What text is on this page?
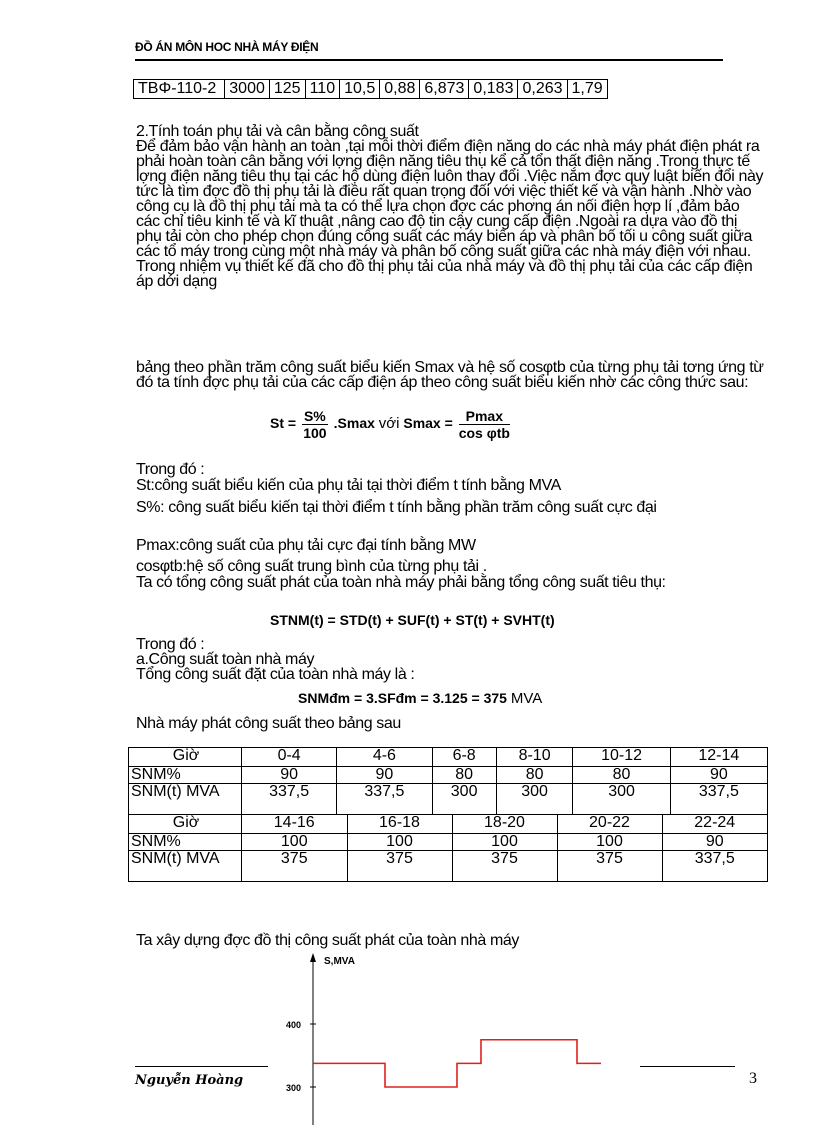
ĐỒ ÁN MÔN HOC NHÀ MÁY ĐIỆN
TBΦ-110-2	3000	125	110	10,5	0,88	6,873	0,183	0,263	1,79
2.Tính toán phụ tải và cân bằng công suất
Để đảm bảo vận hành an toàn ,tại mỗi thời điểm điện năng do các nhà máy phát điện phát ra phải hoàn toàn cân bằng với lợng điện năng tiêu thụ kể cả tổn thất điện năng .Trong thực tế lợng điện năng tiêu thụ tại các hộ dùng điện luôn thay đổi .Việc nắm đợc quy luật biến đổi này tức là tìm đợc đồ thị phụ tải là điều rất quan trọng đối với việc thiết kế và vận hành .Nhờ vào công cụ là đồ thị phụ tải mà ta có thể lựa chọn đợc các phơng án nối điện hợp lí ,đảm bảo các chỉ tiêu kinh tế và kĩ thuật ,nâng cao độ tin cậy cung cấp điện .Ngoài ra dựa vào đồ thị phụ tải còn cho phép chọn đúng công suất các máy biến áp và phân bố tối u công suất giữa các tổ máy trong cùng một nhà máy và phân bố công suất giữa các nhà máy điện với nhau. Trong nhiệm vụ thiết kế đã cho đồ thị phụ tải của nhà máy và đồ thị phụ tải của các cấp điện áp dới dạng
bảng theo phần trăm công suất biểu kiến Smax và hệ số cosφtb của từng phụ tải tơng ứng từ đó ta tính đợc phụ tải của các cấp điện áp theo công suất biểu kiến nhờ các công thức sau:
$St = \frac{S\%}{100} .Smax$ với $Smax = \frac{Pmax}{\text{cos φtb}}$
Trong đó :
St:công suất biểu kiến của phụ tải tại thời điểm t tính bằng MVA
S%: công suất biểu kiến tại thời điểm t tính bằng phần trăm công suất cực đại
Pmax:công suất của phụ tải cực đại tính bằng MW
cosφtb:hệ số công suất trung bình của từng phụ tải .
Ta có tổng công suất phát của toàn nhà máy phải bằng tổng công suất tiêu thụ:
STNM(t) = STD(t) + SUF(t) + ST(t) + SVHT(t)
Trong đó :
a.Công suất toàn nhà máy
Tổng công suất đặt của toàn nhà máy là :
SNMđm = 3.SFđm = 3.125 = 375 MVA
Nhà máy phát công suất theo bảng sau
Giờ	0-4	4-6	6-8	8-10	10-12	12-14
SNM%	90	90	80	80	80	90
SNM(t) MVA	337,5	337,5	300	300	300	337,5
Giờ		14-16	16-18	18-20	20-22	22-24

SNM%		100	100	100	100	90

SNM(t) MVA		375	375	375	375	337,5
Ta xây dựng đợc đồ thị công suất phát của toàn nhà máy
S,MVA
300
400
Nguyễn Hoàng	3
